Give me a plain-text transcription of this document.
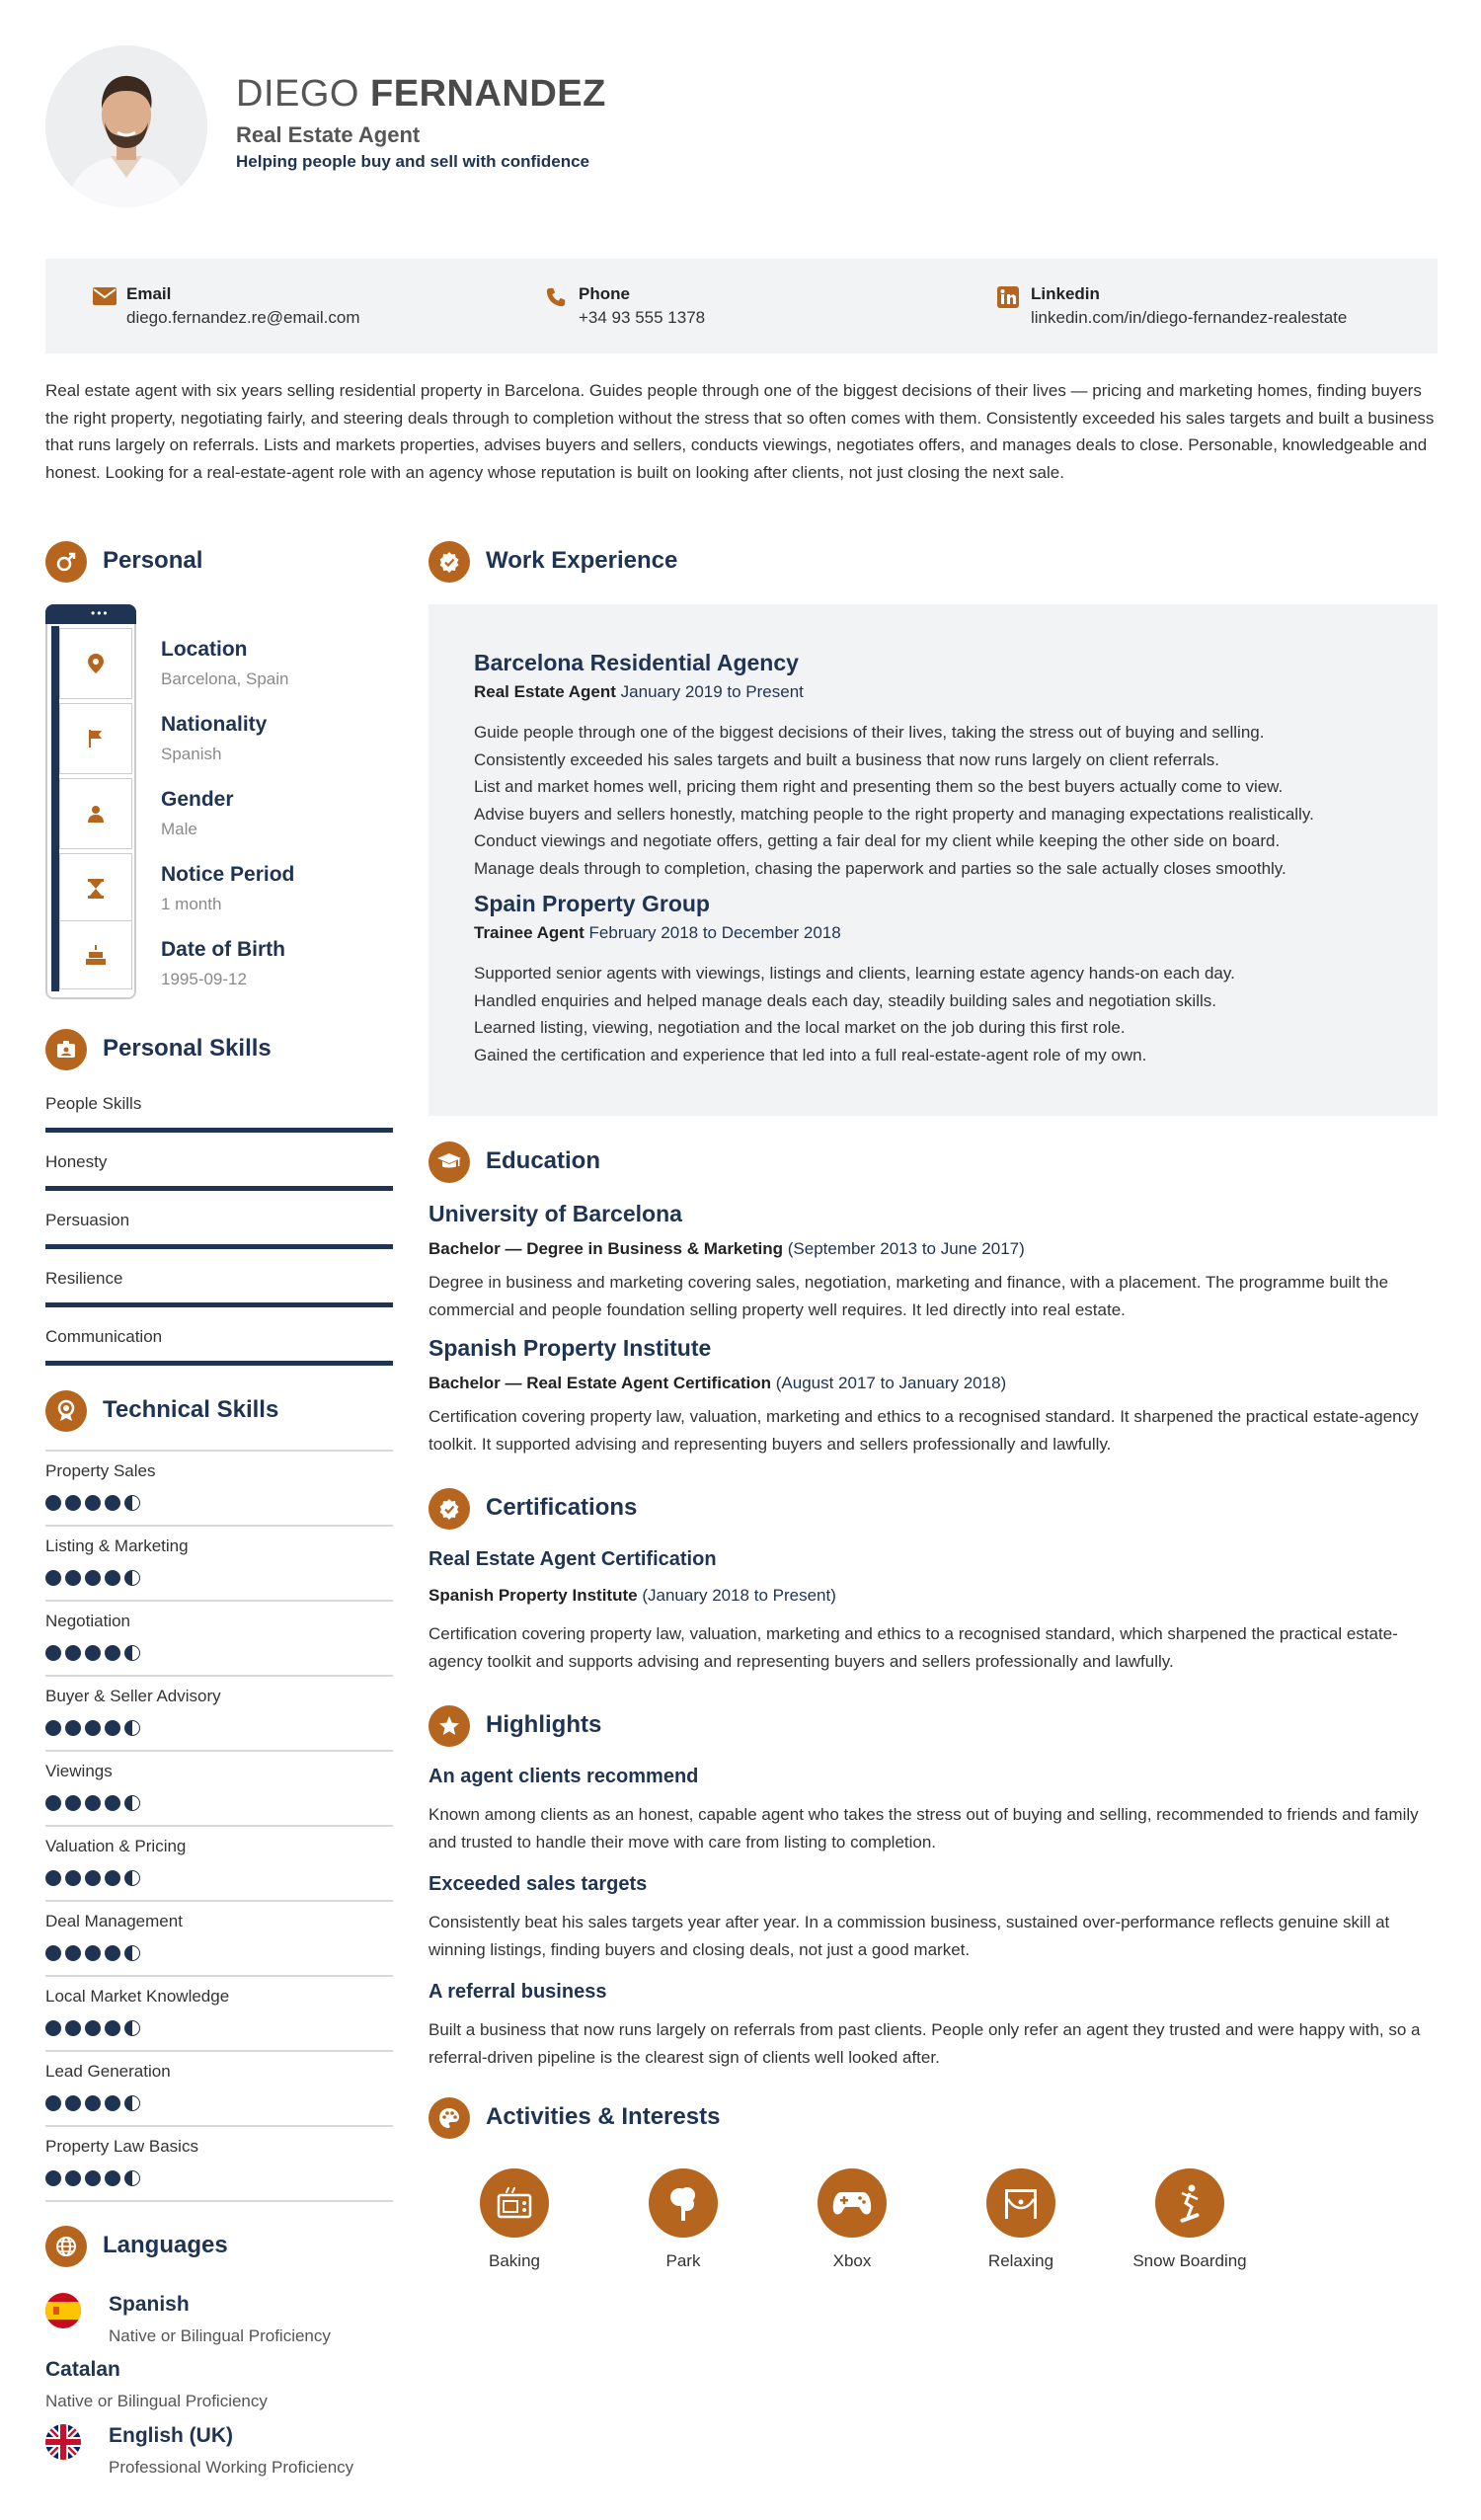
DIEGO FERNANDEZ
Real Estate Agent
Helping people buy and sell with confidence
Email
diego.fernandez.re@email.com
Phone
+34 93 555 1378
Linkedin
linkedin.com/in/diego-fernandez-realestate

Real estate agent with six years selling residential property in Barcelona. Guides people through one of the biggest decisions of their lives — pricing and marketing homes, finding buyers the right property, negotiating fairly, and steering deals through to completion without the stress that so often comes with them. Consistently exceeded his sales targets and built a business that runs largely on referrals. Lists and markets properties, advises buyers and sellers, conducts viewings, negotiates offers, and manages deals to close. Personable, knowledgeable and honest. Looking for a real-estate-agent role with an agency whose reputation is built on looking after clients, not just closing the next sale.

Personal
•••
Location
Barcelona, Spain
Nationality
Spanish
Gender
Male
Notice Period
1 month
Date of Birth
1995-09-12
Personal Skills
People Skills
Honesty
Persuasion
Resilience
Communication
Technical Skills
Property Sales
Listing & Marketing
Negotiation
Buyer & Seller Advisory
Viewings
Valuation & Pricing
Deal Management
Local Market Knowledge
Lead Generation
Property Law Basics
Languages
Spanish
Native or Bilingual Proficiency
Catalan
Native or Bilingual Proficiency
English (UK)
Professional Working Proficiency
Work Experience
Barcelona Residential Agency
Real Estate Agent January 2019 to Present
Guide people through one of the biggest decisions of their lives, taking the stress out of buying and selling.
Consistently exceeded his sales targets and built a business that now runs largely on client referrals.
List and market homes well, pricing them right and presenting them so the best buyers actually come to view.
Advise buyers and sellers honestly, matching people to the right property and managing expectations realistically.
Conduct viewings and negotiate offers, getting a fair deal for my client while keeping the other side on board.
Manage deals through to completion, chasing the paperwork and parties so the sale actually closes smoothly.
Spain Property Group
Trainee Agent February 2018 to December 2018
Supported senior agents with viewings, listings and clients, learning estate agency hands-on each day.
Handled enquiries and helped manage deals each day, steadily building sales and negotiation skills.
Learned listing, viewing, negotiation and the local market on the job during this first role.
Gained the certification and experience that led into a full real-estate-agent role of my own.
Education
University of Barcelona
Bachelor — Degree in Business & Marketing (September 2013 to June 2017)

Degree in business and marketing covering sales, negotiation, marketing and finance, with a placement. The programme built the commercial and people foundation selling property well requires. It led directly into real estate.

Spanish Property Institute
Bachelor — Real Estate Agent Certification (August 2017 to January 2018)

Certification covering property law, valuation, marketing and ethics to a recognised standard. It sharpened the practical estate-agency toolkit. It supported advising and representing buyers and sellers professionally and lawfully.

Certifications
Real Estate Agent Certification
Spanish Property Institute (January 2018 to Present)

Certification covering property law, valuation, marketing and ethics to a recognised standard, which sharpened the practical estate-agency toolkit and supports advising and representing buyers and sellers professionally and lawfully.

Highlights
An agent clients recommend

Known among clients as an honest, capable agent who takes the stress out of buying and selling, recommended to friends and family and trusted to handle their move with care from listing to completion.

Exceeded sales targets

Consistently beat his sales targets year after year. In a commission business, sustained over-performance reflects genuine skill at winning listings, finding buyers and closing deals, not just a good market.

A referral business

Built a business that now runs largely on referrals from past clients. People only refer an agent they trusted and were happy with, so a referral-driven pipeline is the clearest sign of clients well looked after.

Activities & Interests
Baking	Park	Xbox	Relaxing	Snow Boarding
